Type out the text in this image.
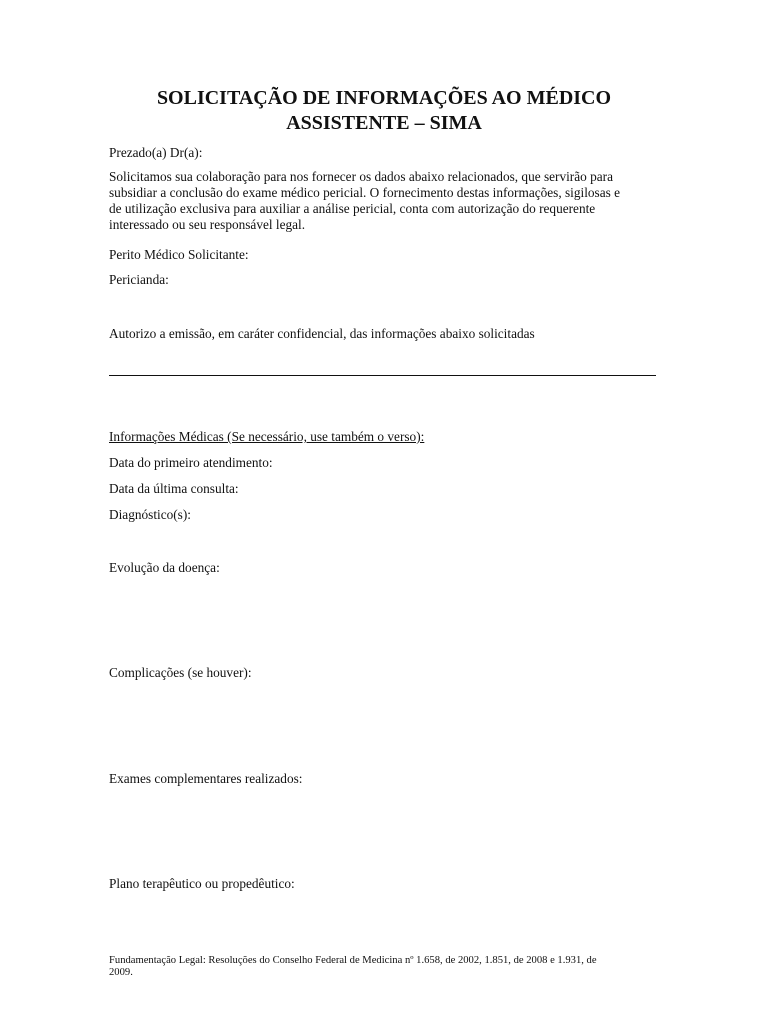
SOLICITAÇÃO DE INFORMAÇÕES AO MÉDICO
ASSISTENTE – SIMA

Prezado(a) Dr(a):

Solicitamos sua colaboração para nos fornecer os dados abaixo relacionados, que servirão para
subsidiar a conclusão do exame médico pericial. O fornecimento destas informações, sigilosas e
de utilização exclusiva para auxiliar a análise pericial, conta com autorização do requerente
interessado ou seu responsável legal.

Perito Médico Solicitante:

Pericianda:

Autorizo a emissão, em caráter confidencial, das informações abaixo solicitadas

Informações Médicas (Se necessário, use também o verso):

Data do primeiro atendimento:

Data da última consulta:

Diagnóstico(s):

Evolução da doença:

Complicações (se houver):

Exames complementares realizados:

Plano terapêutico ou propedêutico:

Fundamentação Legal: Resoluções do Conselho Federal de Medicina nº 1.658, de 2002, 1.851, de 2008 e 1.931, de
2009.
